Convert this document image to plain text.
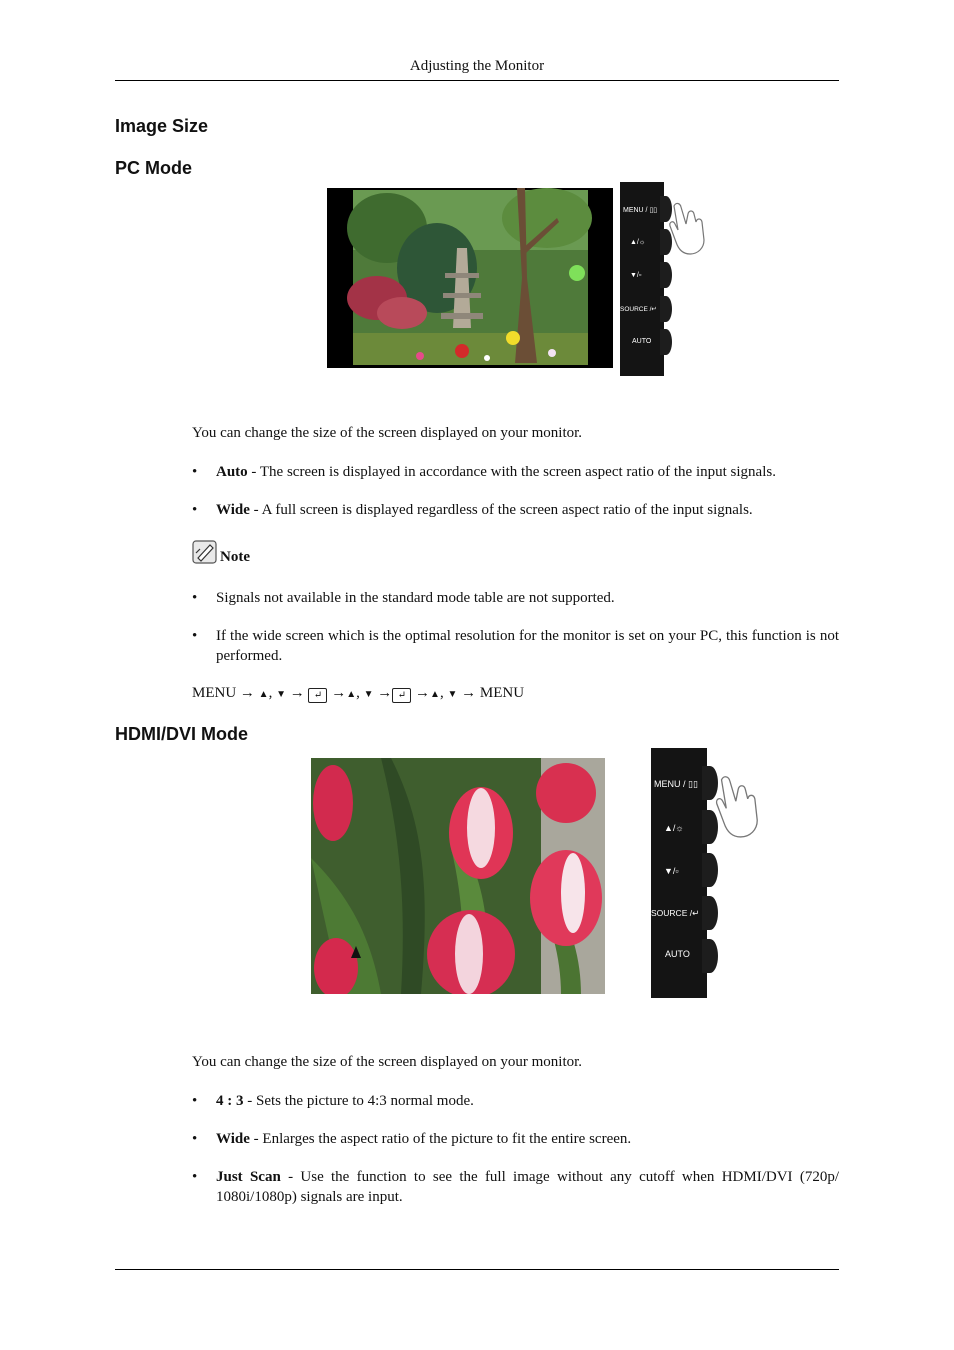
Adjusting the Monitor
Image Size
PC Mode
MENU / ▯▯
▲/☼
▼/▫
SOURCE /↵
AUTO

You can change the size of the screen displayed on your monitor.

• Auto - The screen is displayed in accordance with the screen aspect ratio of the input signals.
• Wide - A full screen is displayed regardless of the screen aspect ratio of the input signals.
Note
• Signals not available in the standard mode table are not supported.
• If the wide screen which is the optimal resolution for the monitor is set on your PC, this function is not performed.
MENU → ▲, ▼ → ↵ →▲, ▼ → ↵ →▲, ▼ → MENU
HDMI/DVI Mode
MENU / ▯▯
▲/☼
▼/▫
SOURCE /↵
AUTO

You can change the size of the screen displayed on your monitor.

• 4 : 3 - Sets the picture to 4:3 normal mode.
• Wide - Enlarges the aspect ratio of the picture to fit the entire screen.
• Just Scan - Use the function to see the full image without any cutoff when HDMI/DVI (720p/ 1080i/1080p) signals are input.
